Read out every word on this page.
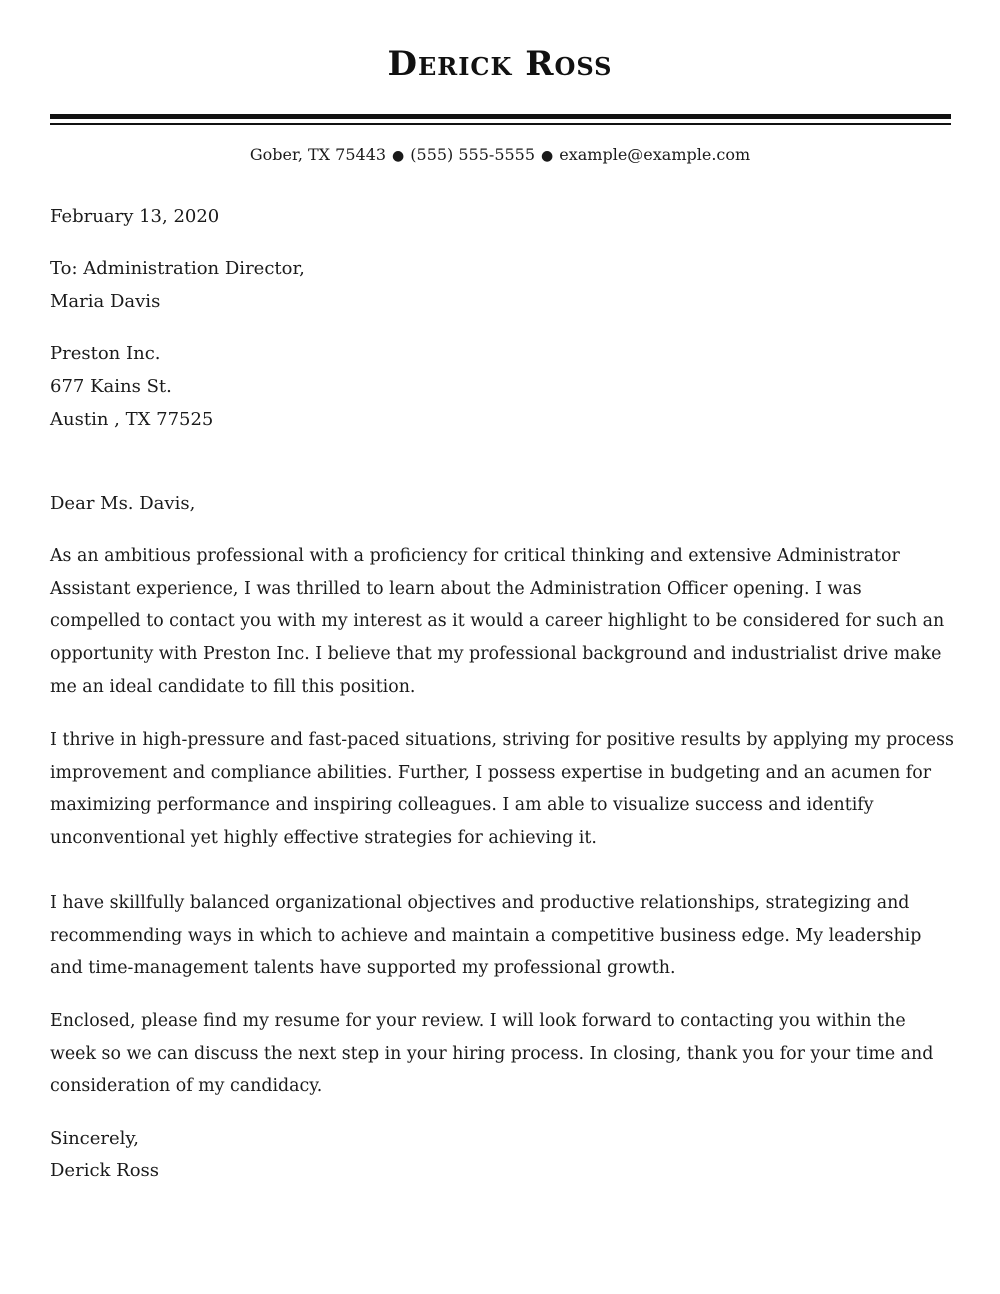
Derick Ross
Gober, TX 75443 ● (555) 555-5555 ● example@example.com
February 13, 2020
To: Administration Director,
Maria Davis
Preston Inc.
677 Kains St.
Austin , TX 77525
Dear Ms. Davis,

As an ambitious professional with a proficiency for critical thinking and extensive Administrator Assistant experience, I was thrilled to learn about the Administration Officer opening. I was compelled to contact you with my interest as it would a career highlight to be considered for such an opportunity with Preston Inc. I believe that my professional background and industrialist drive make me an ideal candidate to fill this position.

I thrive in high-pressure and fast-paced situations, striving for positive results by applying my process improvement and compliance abilities. Further, I possess expertise in budgeting and an acumen for maximizing performance and inspiring colleagues. I am able to visualize success and identify unconventional yet highly effective strategies for achieving it.

I have skillfully balanced organizational objectives and productive relationships, strategizing and recommending ways in which to achieve and maintain a competitive business edge. My leadership and time-management talents have supported my professional growth.

Enclosed, please find my resume for your review. I will look forward to contacting you within the week so we can discuss the next step in your hiring process. In closing, thank you for your time and consideration of my candidacy.

Sincerely,
Derick Ross
